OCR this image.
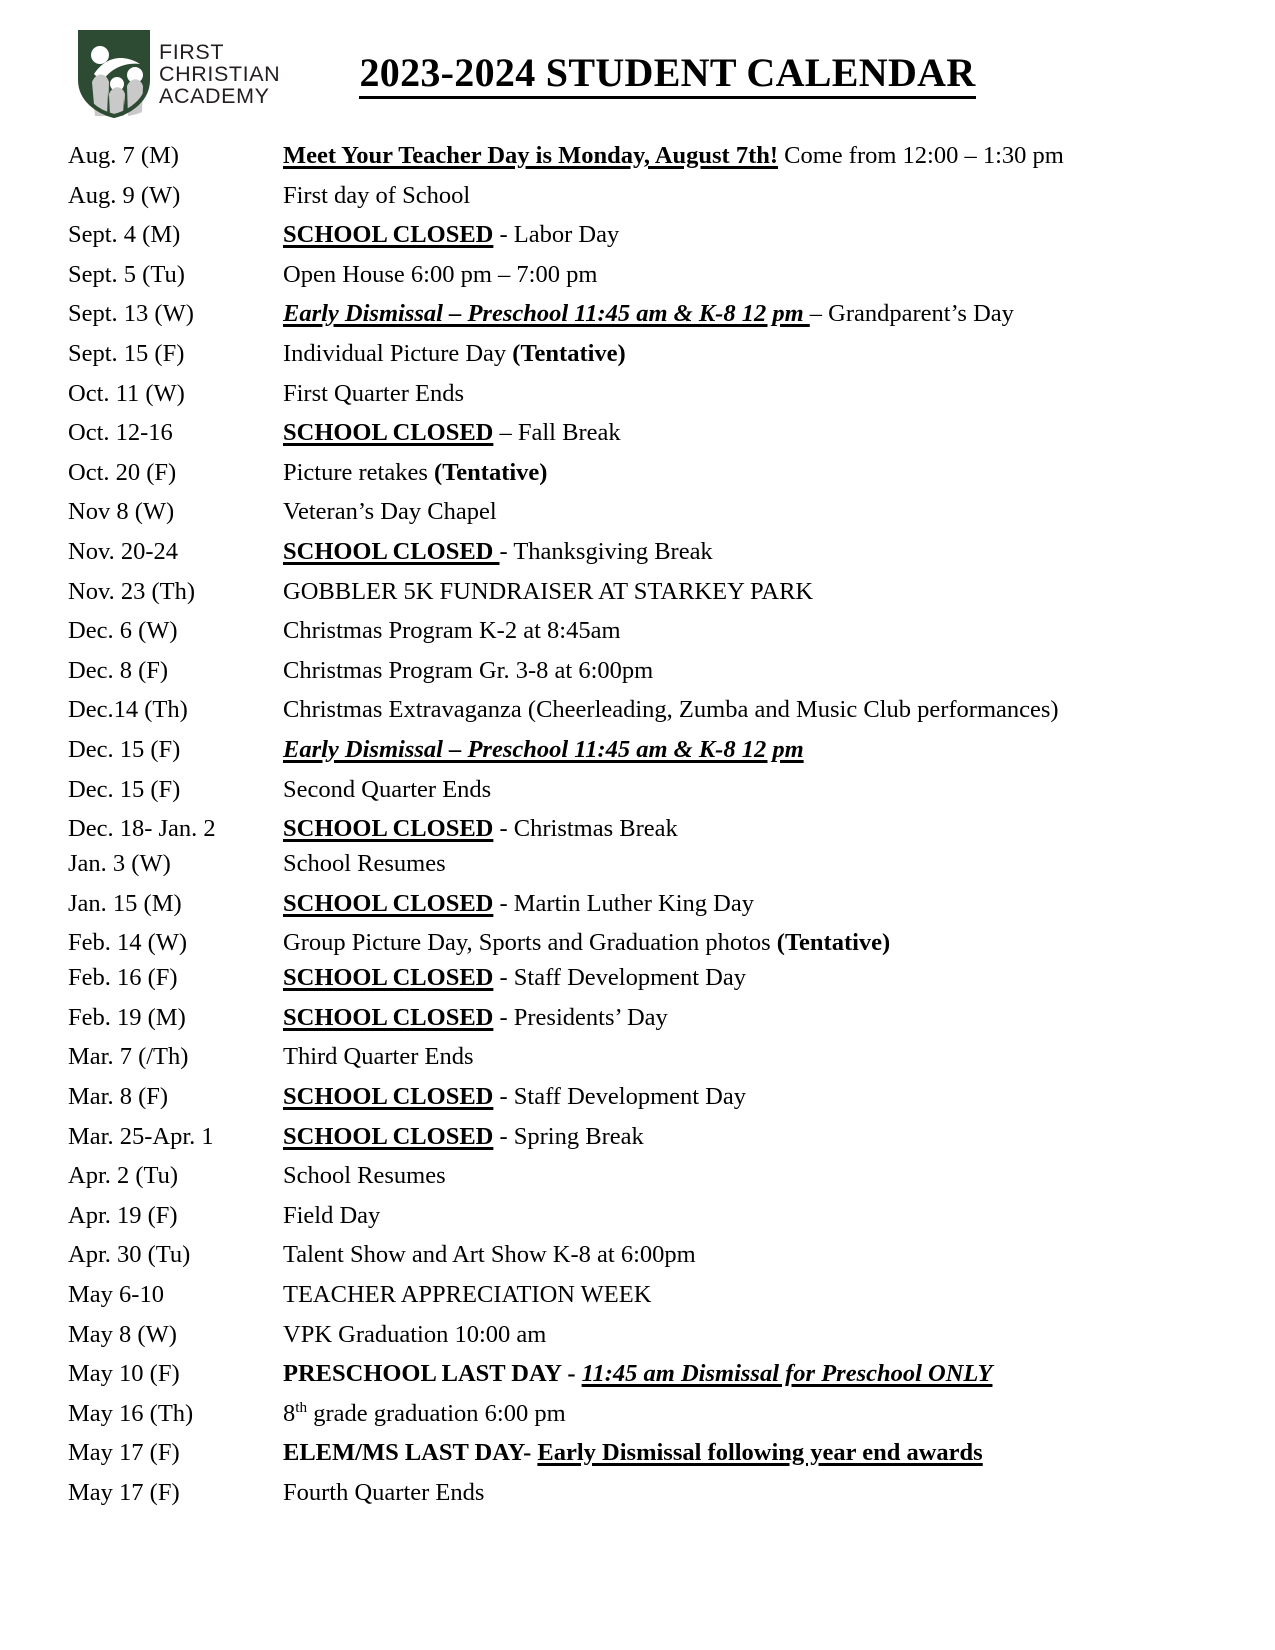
FIRST
CHRISTIAN
ACADEMY
2023-2024 STUDENT CALENDAR
Aug. 7 (M)	Meet Your Teacher Day is Monday, August 7th! Come from 12:00 – 1:30 pm
Aug. 9 (W)	First day of School
Sept. 4 (M)	SCHOOL CLOSED - Labor Day
Sept. 5 (Tu)	Open House 6:00 pm – 7:00 pm
Sept. 13 (W)	Early Dismissal – Preschool 11:45 am & K-8 12 pm – Grandparent’s Day
Sept. 15 (F)	Individual Picture Day (Tentative)
Oct. 11 (W)	First Quarter Ends
Oct. 12-16	SCHOOL CLOSED – Fall Break
Oct. 20 (F)	Picture retakes (Tentative)
Nov 8 (W)	Veteran’s Day Chapel
Nov. 20-24	SCHOOL CLOSED - Thanksgiving Break
Nov. 23 (Th)	GOBBLER 5K FUNDRAISER AT STARKEY PARK
Dec. 6 (W)	Christmas Program K-2 at 8:45am
Dec. 8 (F)	Christmas Program Gr. 3-8 at 6:00pm
Dec.14 (Th)	Christmas Extravaganza (Cheerleading, Zumba and Music Club performances)
Dec. 15 (F)	Early Dismissal – Preschool 11:45 am & K-8 12 pm
Dec. 15 (F)	Second Quarter Ends
Dec. 18- Jan. 2	SCHOOL CLOSED - Christmas Break
Jan. 3 (W)	School Resumes
Jan. 15 (M)	SCHOOL CLOSED - Martin Luther King Day
Feb. 14 (W)	Group Picture Day, Sports and Graduation photos (Tentative)
Feb. 16 (F)	SCHOOL CLOSED - Staff Development Day
Feb. 19 (M)	SCHOOL CLOSED - Presidents’ Day
Mar. 7 (/Th)	Third Quarter Ends
Mar. 8 (F)	SCHOOL CLOSED - Staff Development Day
Mar. 25-Apr. 1	SCHOOL CLOSED - Spring Break
Apr. 2 (Tu)	School Resumes
Apr. 19 (F)	Field Day
Apr. 30 (Tu)	Talent Show and Art Show K-8 at 6:00pm
May 6-10	TEACHER APPRECIATION WEEK
May 8 (W)	VPK Graduation 10:00 am
May 10 (F)	PRESCHOOL LAST DAY - 11:45 am Dismissal for Preschool ONLY
May 16 (Th)	8th grade graduation 6:00 pm
May 17 (F)	ELEM/MS LAST DAY- Early Dismissal following year end awards
May 17 (F)	Fourth Quarter Ends
